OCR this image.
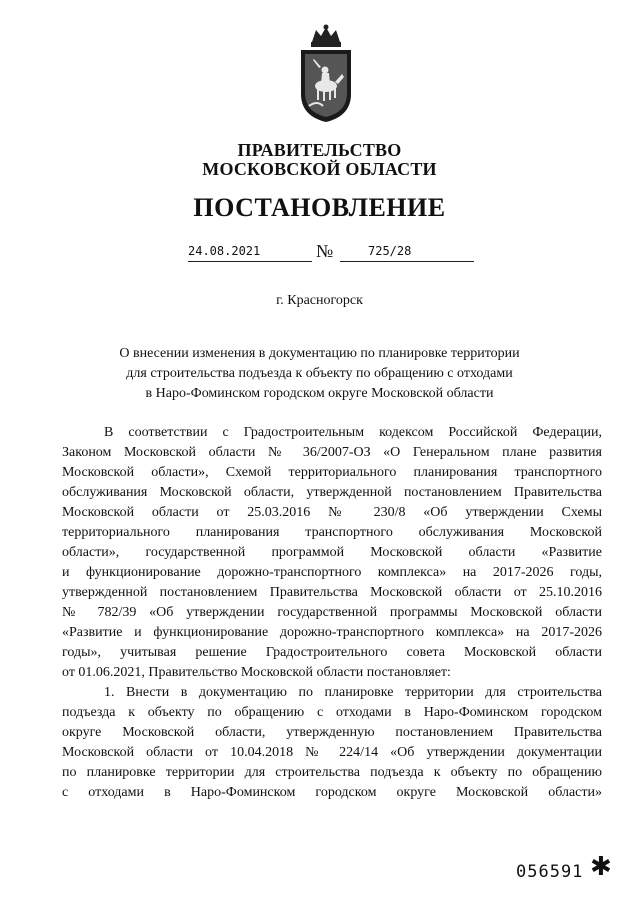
ПРАВИТЕЛЬСТВО
МОСКОВСКОЙ ОБЛАСТИ
ПОСТАНОВЛЕНИЕ
24.08.2021	№	725/28
г. Красногорск
О внесении изменения в документацию по планировке территории
для строительства подъезда к объекту по обращению с отходами
в Наро-Фоминском городском округе Московской области
В соответствии с Градостроительным кодексом Российской Федерации,
Законом Московской области № 36/2007-ОЗ «О Генеральном плане развития
Московской области», Схемой территориального планирования транспортного
обслуживания Московской области, утвержденной постановлением Правительства
Московской области от 25.03.2016 № 230/8 «Об утверждении Схемы
территориального планирования транспортного обслуживания Московской
области», государственной программой Московской области «Развитие
и функционирование дорожно-транспортного комплекса» на 2017-2026 годы,
утвержденной постановлением Правительства Московской области от 25.10.2016
№ 782/39 «Об утверждении государственной программы Московской области
«Развитие и функционирование дорожно-транспортного комплекса» на 2017-2026
годы», учитывая решение Градостроительного совета Московской области
от 01.06.2021, Правительство Московской области постановляет:
1. Внести в документацию по планировке территории для строительства
подъезда к объекту по обращению с отходами в Наро-Фоминском городском
округе Московской области, утвержденную постановлением Правительства
Московской области от 10.04.2018 № 224/14 «Об утверждении документации
по планировке территории для строительства подъезда к объекту по обращению
с отходами в Наро-Фоминском городском округе Московской области»
056591 ✱
